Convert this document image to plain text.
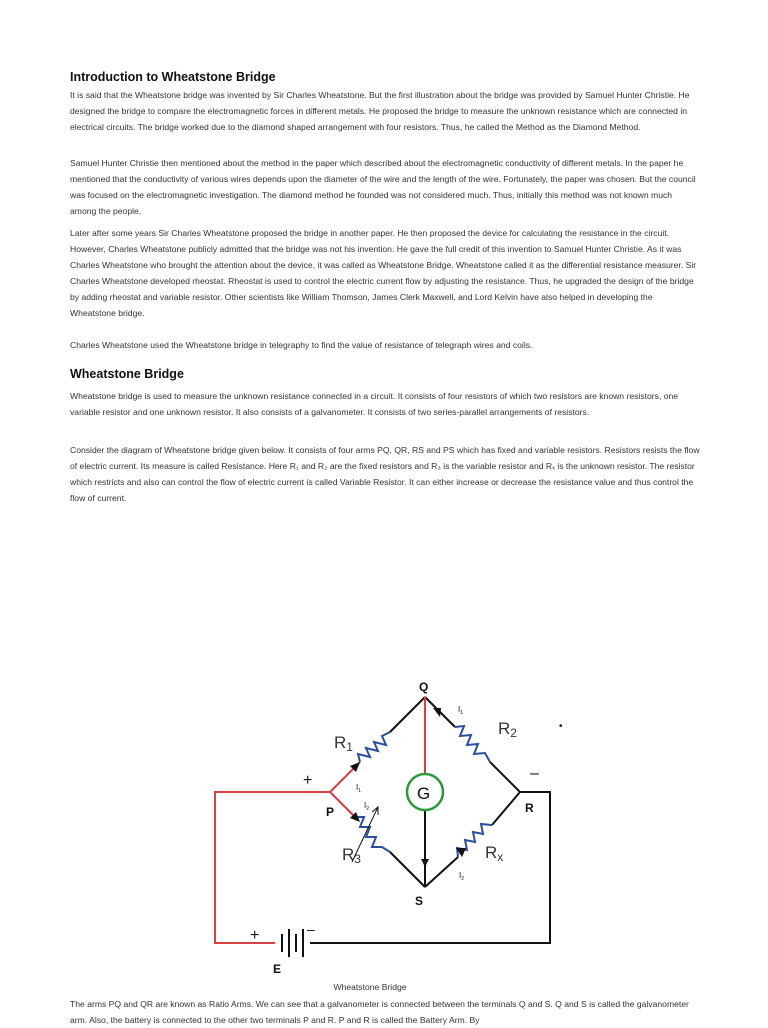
Introduction to Wheatstone Bridge

It is said that the Wheatstone bridge was invented by Sir Charles Wheatstone. But the first illustration about the bridge was provided by Samuel Hunter Christie. He designed the bridge to compare the electromagnetic forces in different metals. He proposed the bridge to measure the unknown resistance which are connected in electrical circuits. The bridge worked due to the diamond shaped arrangement with four resistors. Thus, he called the Method as the Diamond Method.

Samuel Hunter Christie then mentioned about the method in the paper which described about the electromagnetic conductivity of different metals. In the paper he mentioned that the conductivity of various wires depends upon the diameter of the wire and the length of the wire. Fortunately, the paper was chosen. But the council was focused on the electromagnetic investigation. The diamond method he founded was not considered much. Thus, initially this method was not known much among the people.

Later after some years Sir Charles Wheatstone proposed the bridge in another paper. He then proposed the device for calculating the resistance in the circuit. However, Charles Wheatstone publicly admitted that the bridge was not his invention. He gave the full credit of this invention to Samuel Hunter Christie. As it was Charles Wheatstone who brought the attention about the device, it was called as Wheatstone Bridge. Wheatstone called it as the differential resistance measurer. Sir Charles Wheatstone developed rheostat. Rheostat is used to control the electric current flow by adjusting the resistance. Thus, he upgraded the design of the bridge by adding rheostat and variable resistor. Other scientists like William Thomson, James Clerk Maxwell, and Lord Kelvin have also helped in developing the Wheatstone bridge.

Charles Wheatstone used the Wheatstone bridge in telegraphy to find the value of resistance of telegraph wires and coils.

Wheatstone Bridge

Wheatstone bridge is used to measure the unknown resistance connected in a circuit. It consists of four resistors of which two resistors are known resistors, one variable resistor and one unknown resistor. It also consists of a galvanometer. It consists of two series-parallel arrangements of resistors.

Consider the diagram of Wheatstone bridge given below. It consists of four arms PQ, QR, RS and PS which has fixed and variable resistors. Resistors resists the flow of electric current. Its measure is called Resistance. Here R₁ and R₂ are the fixed resistors and R₃ is the variable resistor and Rₓ is the unknown resistor. The resistor which restricts and also can control the flow of electric current is called Variable Resistor. It can either increase or decrease the resistance value and thus control the flow of current.

The arms PQ and QR are known as Ratio Arms. We can see that a galvanometer is connected between the terminals Q and S. Q and S is called the galvanometer arm. Also, the battery is connected to the other two terminals P and R. P and R is called the Battery Arm. By

Q
P	R
S
E
R1
R2
R3	Rx
G
+	–
+	–
$I_1$
$I_1$
$I_2$
$I_2$
•
Wheatstone Bridge
